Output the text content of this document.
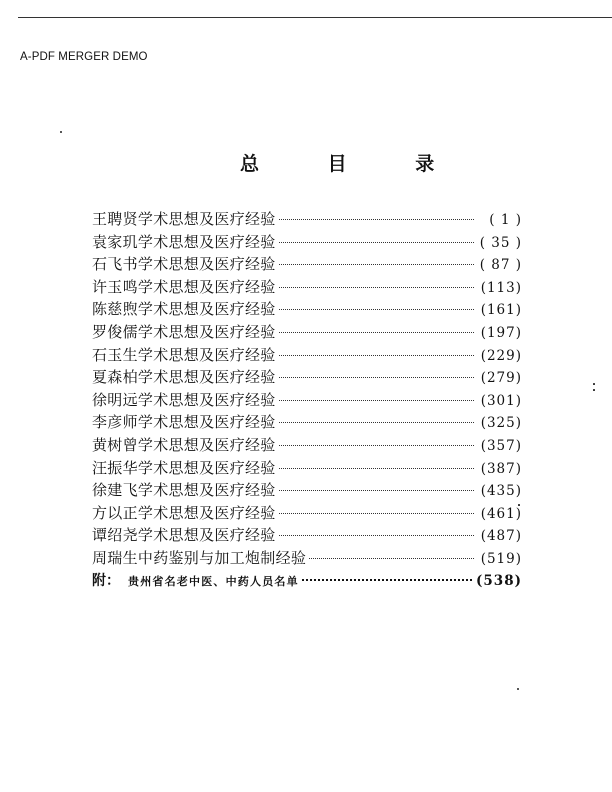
A-PDF MERGER DEMO
总 目 录
王聘贤学术思想及医疗经验	( 1 )
袁家玑学术思想及医疗经验	( 35 )
石飞书学术思想及医疗经验	( 87 )
许玉鸣学术思想及医疗经验	(113)
陈慈煦学术思想及医疗经验	(161)
罗俊儒学术思想及医疗经验	(197)
石玉生学术思想及医疗经验	(229)
夏森柏学术思想及医疗经验	(279)
徐明远学术思想及医疗经验	(301)
李彦师学术思想及医疗经验	(325)
黄树曾学术思想及医疗经验	(357)
汪振华学术思想及医疗经验	(387)
徐建飞学术思想及医疗经验	(435)
方以正学术思想及医疗经验	(461)
谭绍尧学术思想及医疗经验	(487)
周瑞生中药鉴别与加工炮制经验	(519)
附： 贵州省名老中医、中药人员名单	(538)
